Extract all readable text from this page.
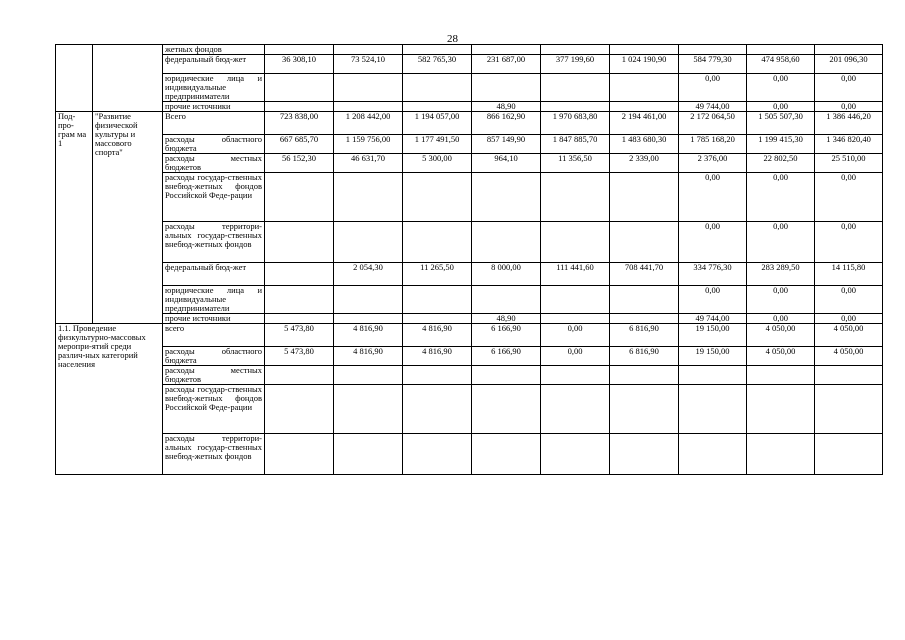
28
		жетных фондов									
		федеральный бюд-жет	36 308,10	73 524,10	582 765,30	231 687,00	377 199,60	1 024 190,90	584 779,30	474 958,60	201 096,30
		юридические лица и индивидуальные предприниматели							0,00	0,00	0,00
		прочие источники				48,90			49 744,00	0,00	0,00
Под-про-грам ма 1	"Развитие физической культуры и массового спорта"	Всего	723 838,00	1 208 442,00	1 194 057,00	866 162,90	1 970 683,80	2 194 461,00	2 172 064,50	1 505 507,30	1 386 446,20
		расходы областного бюджета	667 685,70	1 159 756,00	1 177 491,50	857 149,90	1 847 885,70	1 483 680,30	1 785 168,20	1 199 415,30	1 346 820,40
		расходы местных бюджетов	56 152,30	46 631,70	5 300,00	964,10	11 356,50	2 339,00	2 376,00	22 802,50	25 510,00
		расходы государ-ственных внебюд-жетных фондов Российской Феде-рации							0,00	0,00	0,00
		расходы территори-альных государ-ственных внебюд-жетных фондов							0,00	0,00	0,00
		федеральный бюд-жет		2 054,30	11 265,50	8 000,00	111 441,60	708 441,70	334 776,30	283 289,50	14 115,80
		юридические лица и индивидуальные предприниматели							0,00	0,00	0,00
		прочие источники				48,90			49 744,00	0,00	0,00
1.1. Проведение физкультурно-массовых меропри-ятий среди различ-ных категорий населения		всего	5 473,80	4 816,90	4 816,90	6 166,90	0,00	6 816,90	19 150,00	4 050,00	4 050,00
		расходы областного бюджета	5 473,80	4 816,90	4 816,90	6 166,90	0,00	6 816,90	19 150,00	4 050,00	4 050,00
		расходы местных бюджетов									
		расходы государ-ственных внебюд-жетных фондов Российской Феде-рации									
		расходы территори-альных государ-ственных внебюд-жетных фондов									
